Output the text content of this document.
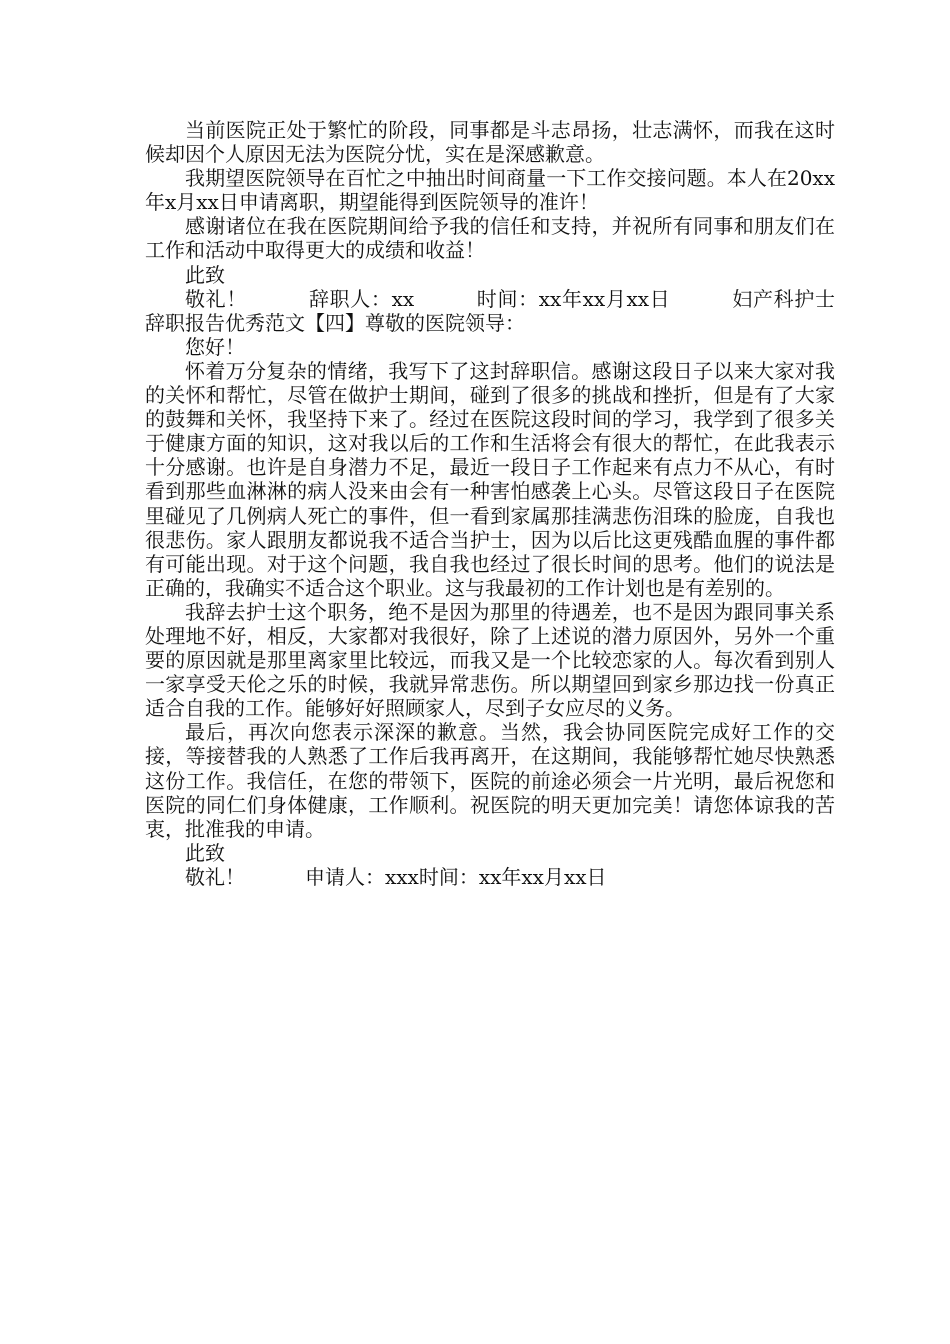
当前医院正处于繁忙的阶段，同事都是斗志昂扬，壮志满怀，而我在这时候却因个人原因无法为医院分忧，实在是深感歉意。

我期望医院领导在百忙之中抽出时间商量一下工作交接问题。本人在20xx年x月xx日申请离职，期望能得到医院领导的准许！

感谢诸位在我在医院期间给予我的信任和支持，并祝所有同事和朋友们在工作和活动中取得更大的成绩和收益！

此致

敬礼！　　　辞职人：xx　　　时间：xx年xx月xx日　　　妇产科护士辞职报告优秀范文【四】尊敬的医院领导：

您好！

怀着万分复杂的情绪，我写下了这封辞职信。感谢这段日子以来大家对我的关怀和帮忙，尽管在做护士期间，碰到了很多的挑战和挫折，但是有了大家的鼓舞和关怀，我坚持下来了。经过在医院这段时间的学习，我学到了很多关于健康方面的知识，这对我以后的工作和生活将会有很大的帮忙，在此我表示十分感谢。也许是自身潜力不足，最近一段日子工作起来有点力不从心，有时看到那些血淋淋的病人没来由会有一种害怕感袭上心头。尽管这段日子在医院里碰见了几例病人死亡的事件，但一看到家属那挂满悲伤泪珠的脸庞，自我也很悲伤。家人跟朋友都说我不适合当护士，因为以后比这更残酷血腥的事件都有可能出现。对于这个问题，我自我也经过了很长时间的思考。他们的说法是正确的，我确实不适合这个职业。这与我最初的工作计划也是有差别的。

我辞去护士这个职务，绝不是因为那里的待遇差，也不是因为跟同事关系处理地不好，相反，大家都对我很好，除了上述说的潜力原因外，另外一个重要的原因就是那里离家里比较远，而我又是一个比较恋家的人。每次看到别人一家享受天伦之乐的时候，我就异常悲伤。所以期望回到家乡那边找一份真正适合自我的工作。能够好好照顾家人，尽到子女应尽的义务。

最后，再次向您表示深深的歉意。当然，我会协同医院完成好工作的交接，等接替我的人熟悉了工作后我再离开，在这期间，我能够帮忙她尽快熟悉这份工作。我信任，在您的带领下，医院的前途必须会一片光明，最后祝您和医院的同仁们身体健康，工作顺利。祝医院的明天更加完美！请您体谅我的苦衷，批准我的申请。

此致

敬礼！　　　申请人：xxx时间：xx年xx月xx日
